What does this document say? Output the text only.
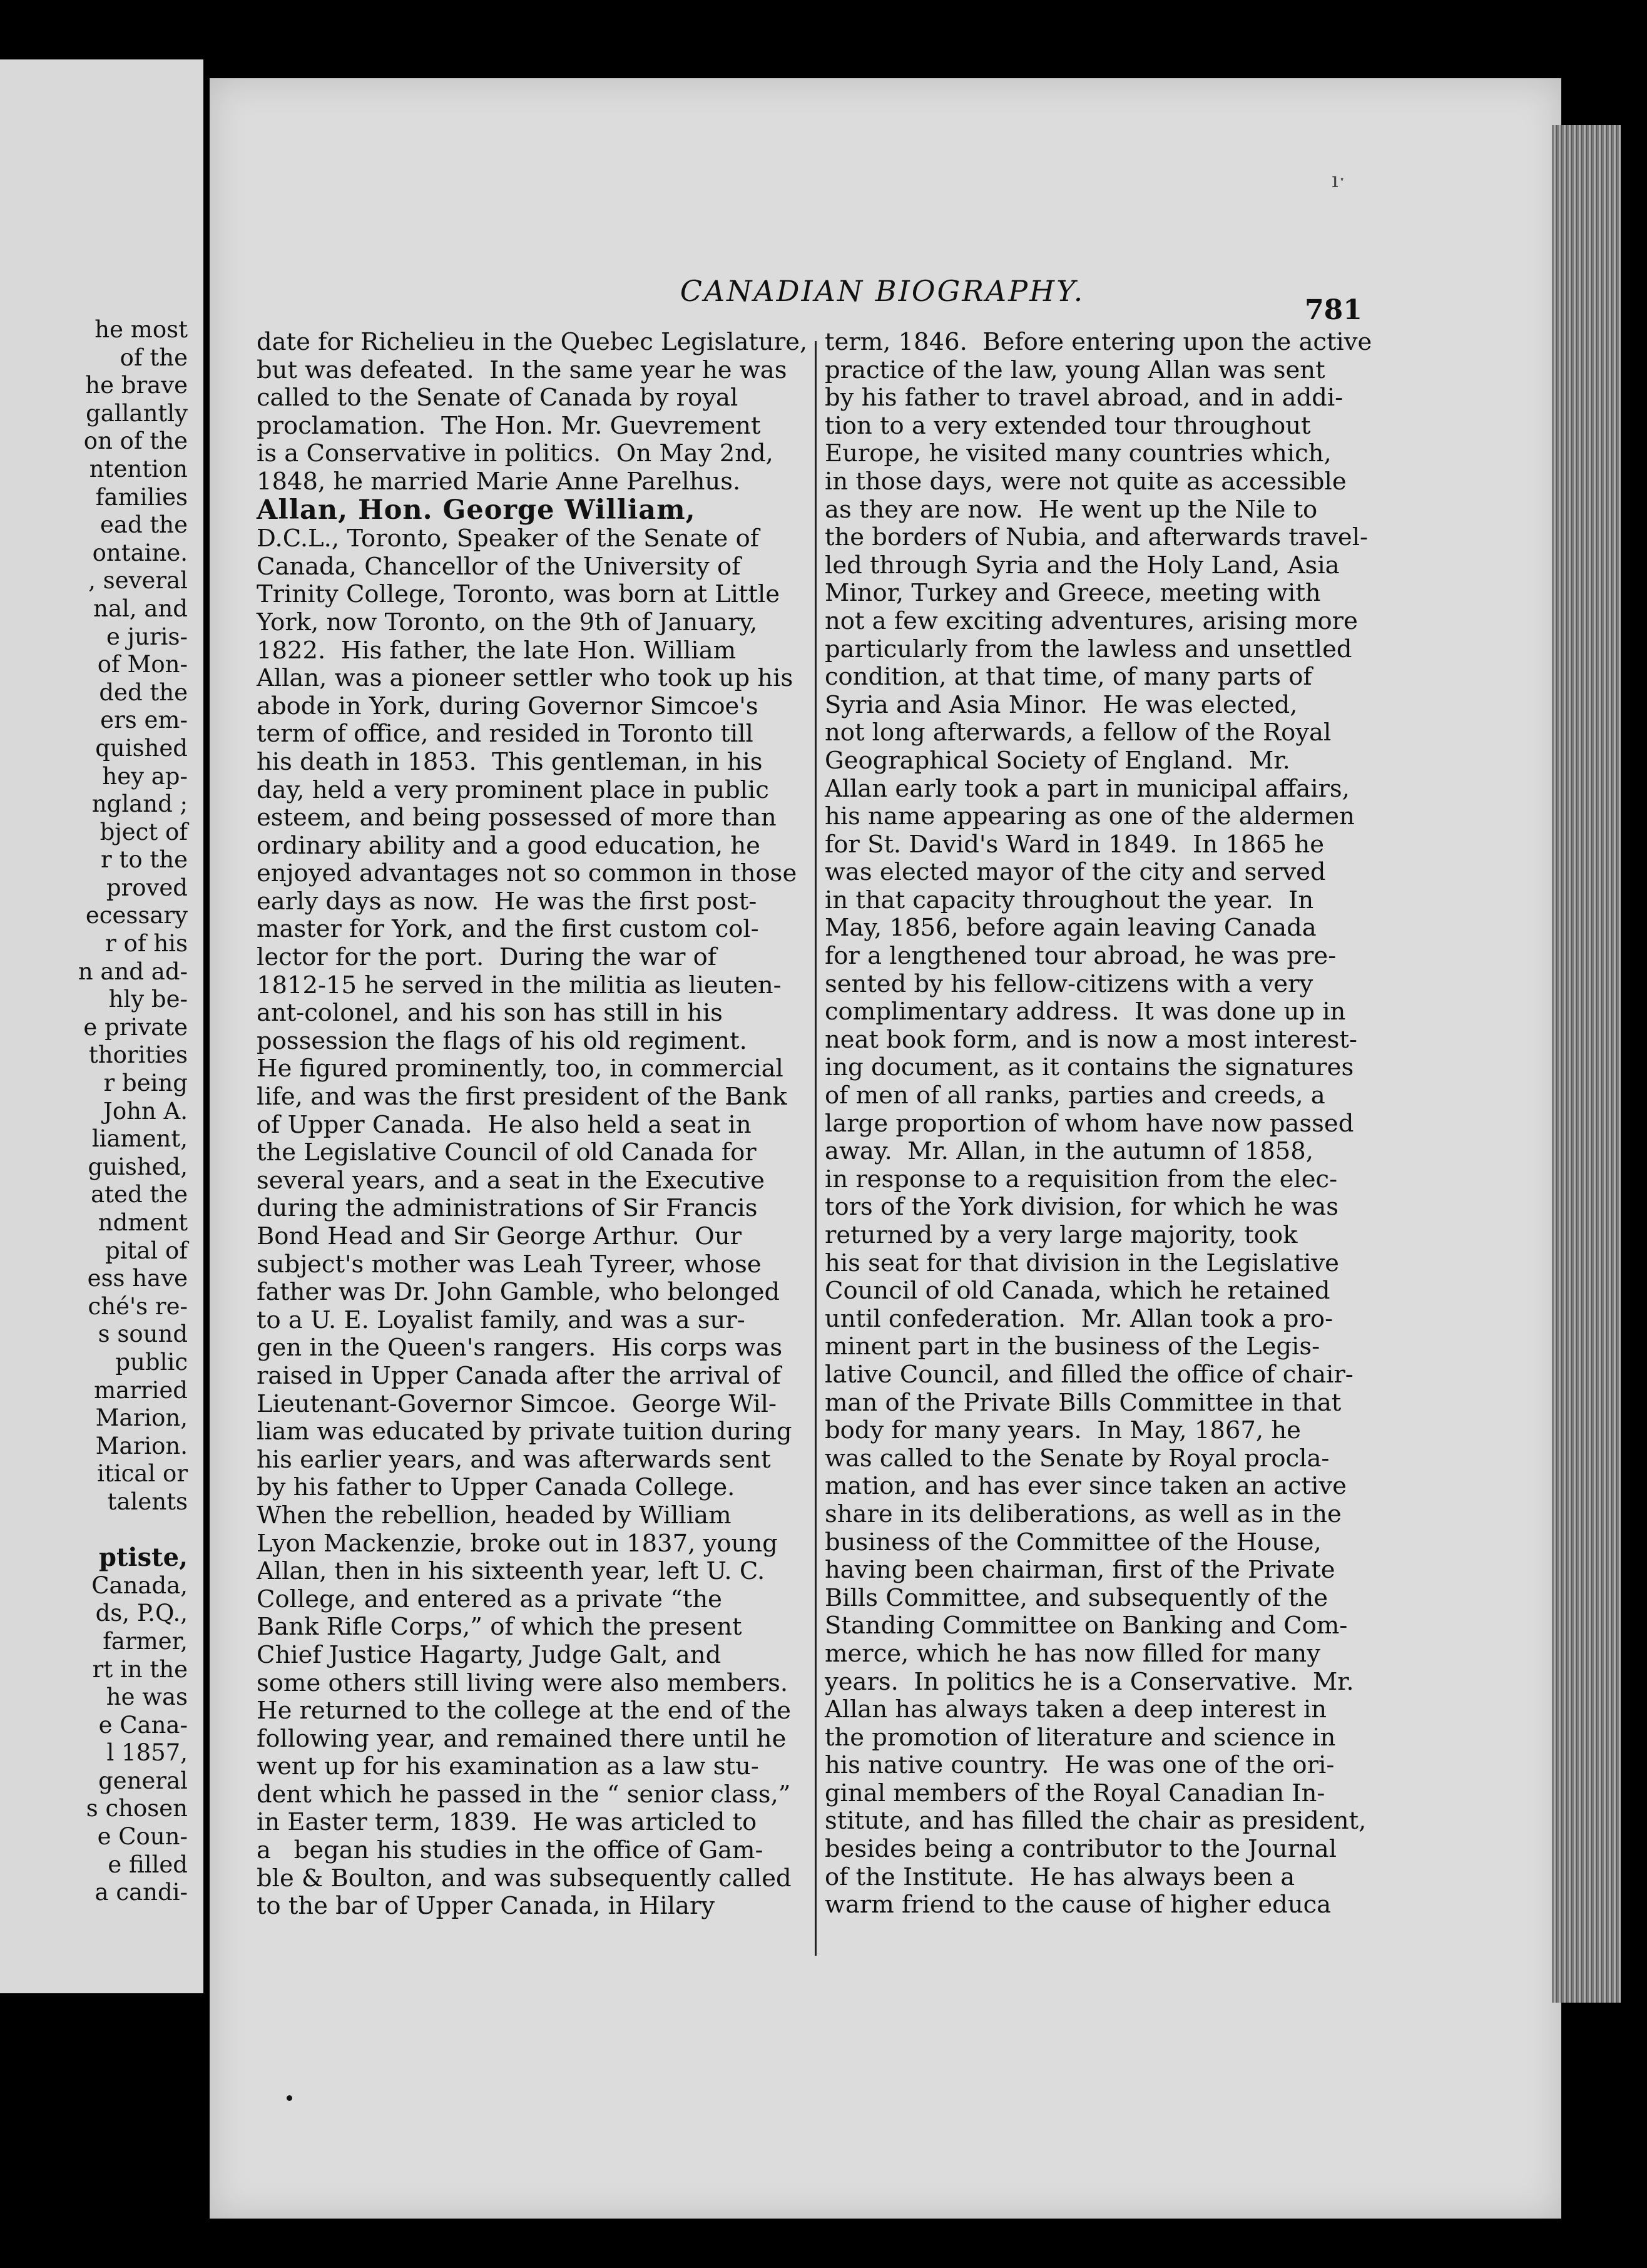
he most
of the
he brave
gallantly
on of the
ntention
families
ead the
ontaine.
, several
nal, and
e juris-
of Mon-
ded the
ers em-
quished
hey ap-
ngland ;
bject of
r to the
proved
ecessary
r of his
n and ad-
hly be-
e private
thorities
r being
John A.
liament,
guished,
ated the
ndment
pital of
ess have
ché's re-
s sound
public
married
Marion,
Marion.
itical or
talents

ptiste,
Canada,
ds, P.Q.,
farmer,
rt in the
he was
e Cana-
l 1857,
general
s chosen
e Coun-
e filled
a candi-
ıˑ
CANADIAN BIOGRAPHY.
781
date for Richelieu in the Quebec Legislature,
but was defeated.  In the same year he was
called to the Senate of Canada by royal
proclamation.  The Hon. Mr. Guevrement
is a Conservative in politics.  On May 2nd,
1848, he married Marie Anne Parelhus.
Allan, Hon. George William,
D.C.L., Toronto, Speaker of the Senate of
Canada, Chancellor of the University of
Trinity College, Toronto, was born at Little
York, now Toronto, on the 9th of January,
1822.  His father, the late Hon. William
Allan, was a pioneer settler who took up his
abode in York, during Governor Simcoe's
term of office, and resided in Toronto till
his death in 1853.  This gentleman, in his
day, held a very prominent place in public
esteem, and being possessed of more than
ordinary ability and a good education, he
enjoyed advantages not so common in those
early days as now.  He was the first post-
master for York, and the first custom col-
lector for the port.  During the war of
1812-15 he served in the militia as lieuten-
ant-colonel, and his son has still in his
possession the flags of his old regiment.
He figured prominently, too, in commercial
life, and was the first president of the Bank
of Upper Canada.  He also held a seat in
the Legislative Council of old Canada for
several years, and a seat in the Executive
during the administrations of Sir Francis
Bond Head and Sir George Arthur.  Our
subject's mother was Leah Tyreer, whose
father was Dr. John Gamble, who belonged
to a U. E. Loyalist family, and was a sur-
gen in the Queen's rangers.  His corps was
raised in Upper Canada after the arrival of
Lieutenant-Governor Simcoe.  George Wil-
liam was educated by private tuition during
his earlier years, and was afterwards sent
by his father to Upper Canada College.
When the rebellion, headed by William
Lyon Mackenzie, broke out in 1837, young
Allan, then in his sixteenth year, left U. C.
College, and entered as a private “the
Bank Rifle Corps,” of which the present
Chief Justice Hagarty, Judge Galt, and
some others still living were also members.
He returned to the college at the end of the
following year, and remained there until he
went up for his examination as a law stu-
dent which he passed in the “ senior class,”
in Easter term, 1839.  He was articled to
a   began his studies in the office of Gam-
ble & Boulton, and was subsequently called
to the bar of Upper Canada, in Hilary
term, 1846.  Before entering upon the active
practice of the law, young Allan was sent
by his father to travel abroad, and in addi-
tion to a very extended tour throughout
Europe, he visited many countries which,
in those days, were not quite as accessible
as they are now.  He went up the Nile to
the borders of Nubia, and afterwards travel-
led through Syria and the Holy Land, Asia
Minor, Turkey and Greece, meeting with
not a few exciting adventures, arising more
particularly from the lawless and unsettled
condition, at that time, of many parts of
Syria and Asia Minor.  He was elected,
not long afterwards, a fellow of the Royal
Geographical Society of England.  Mr.
Allan early took a part in municipal affairs,
his name appearing as one of the aldermen
for St. David's Ward in 1849.  In 1865 he
was elected mayor of the city and served
in that capacity throughout the year.  In
May, 1856, before again leaving Canada
for a lengthened tour abroad, he was pre-
sented by his fellow-citizens with a very
complimentary address.  It was done up in
neat book form, and is now a most interest-
ing document, as it contains the signatures
of men of all ranks, parties and creeds, a
large proportion of whom have now passed
away.  Mr. Allan, in the autumn of 1858,
in response to a requisition from the elec-
tors of the York division, for which he was
returned by a very large majority, took
his seat for that division in the Legislative
Council of old Canada, which he retained
until confederation.  Mr. Allan took a pro-
minent part in the business of the Legis-
lative Council, and filled the office of chair-
man of the Private Bills Committee in that
body for many years.  In May, 1867, he
was called to the Senate by Royal procla-
mation, and has ever since taken an active
share in its deliberations, as well as in the
business of the Committee of the House,
having been chairman, first of the Private
Bills Committee, and subsequently of the
Standing Committee on Banking and Com-
merce, which he has now filled for many
years.  In politics he is a Conservative.  Mr.
Allan has always taken a deep interest in
the promotion of literature and science in
his native country.  He was one of the ori-
ginal members of the Royal Canadian In-
stitute, and has filled the chair as president,
besides being a contributor to the Journal
of the Institute.  He has always been a
warm friend to the cause of higher educa
